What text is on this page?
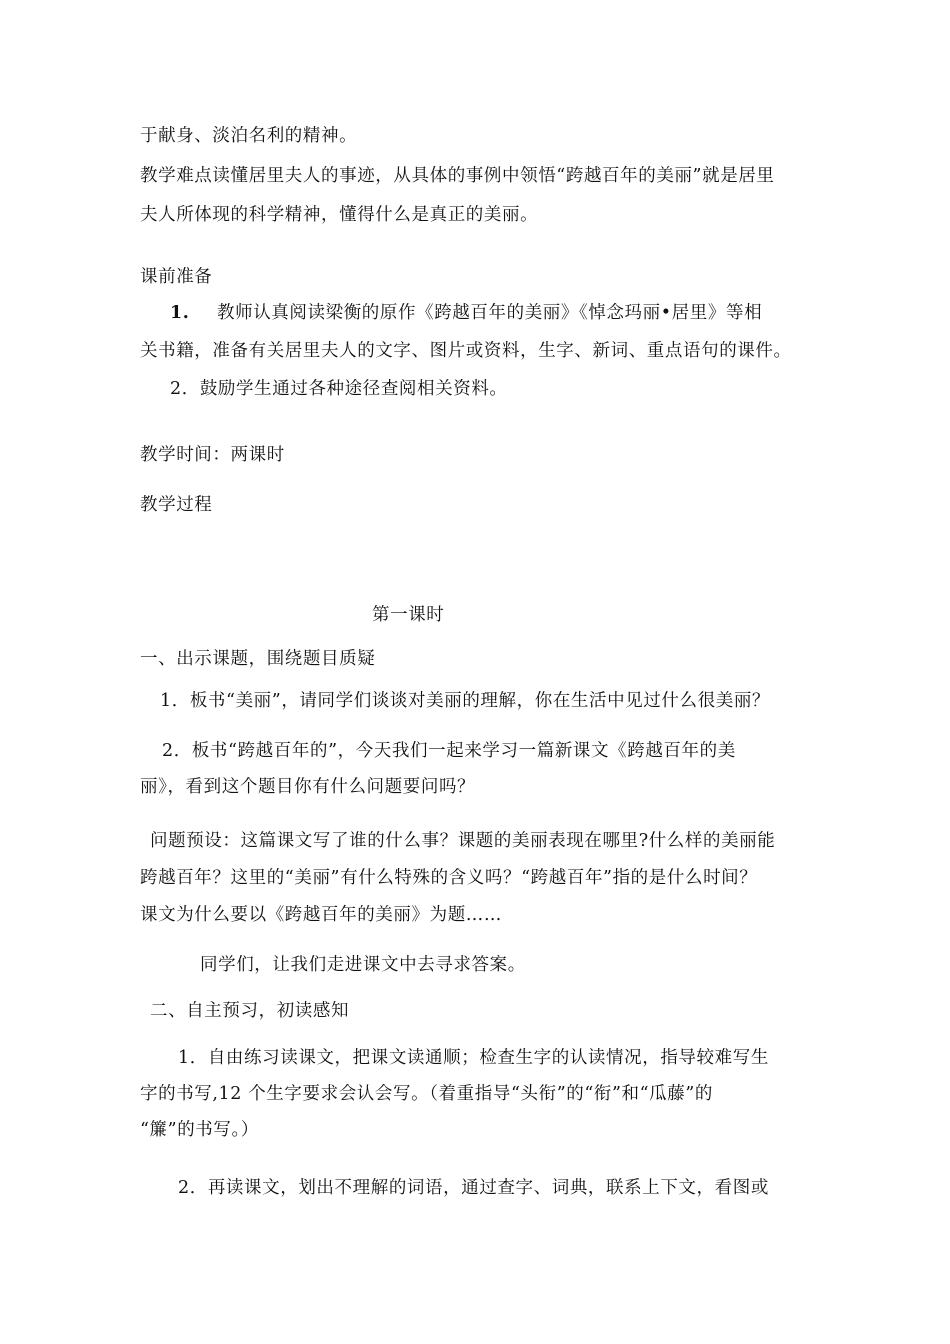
于献身、淡泊名利的精神。
教学难点读懂居里夫人的事迹，从具体的事例中领悟“跨越百年的美丽”就是居里
夫人所体现的科学精神，懂得什么是真正的美丽。
课前准备
1. 教师认真阅读梁衡的原作《跨越百年的美丽》《悼念玛丽•居里》等相
关书籍，准备有关居里夫人的文字、图片或资料，生字、新词、重点语句的课件。
2．鼓励学生通过各种途径查阅相关资料。
教学时间：两课时
教学过程
第一课时
一、出示课题，围绕题目质疑
1．板书“美丽”，请同学们谈谈对美丽的理解，你在生活中见过什么很美丽？
2．板书“跨越百年的”，今天我们一起来学习一篇新课文《跨越百年的美
丽》，看到这个题目你有什么问题要问吗？
问题预设：这篇课文写了谁的什么事？课题的美丽表现在哪里?什么样的美丽能
跨越百年？这里的“美丽”有什么特殊的含义吗？“跨越百年”指的是什么时间？
课文为什么要以《跨越百年的美丽》为题……
同学们，让我们走进课文中去寻求答案。
二、自主预习，初读感知
1．自由练习读课文，把课文读通顺；检查生字的认读情况，指导较难写生
字的书写,12 个生字要求会认会写。（着重指导“头衔”的“衔”和“瓜藤”的
“簾”的书写。）
2．再读课文，划出不理解的词语，通过查字、词典，联系上下文，看图或
